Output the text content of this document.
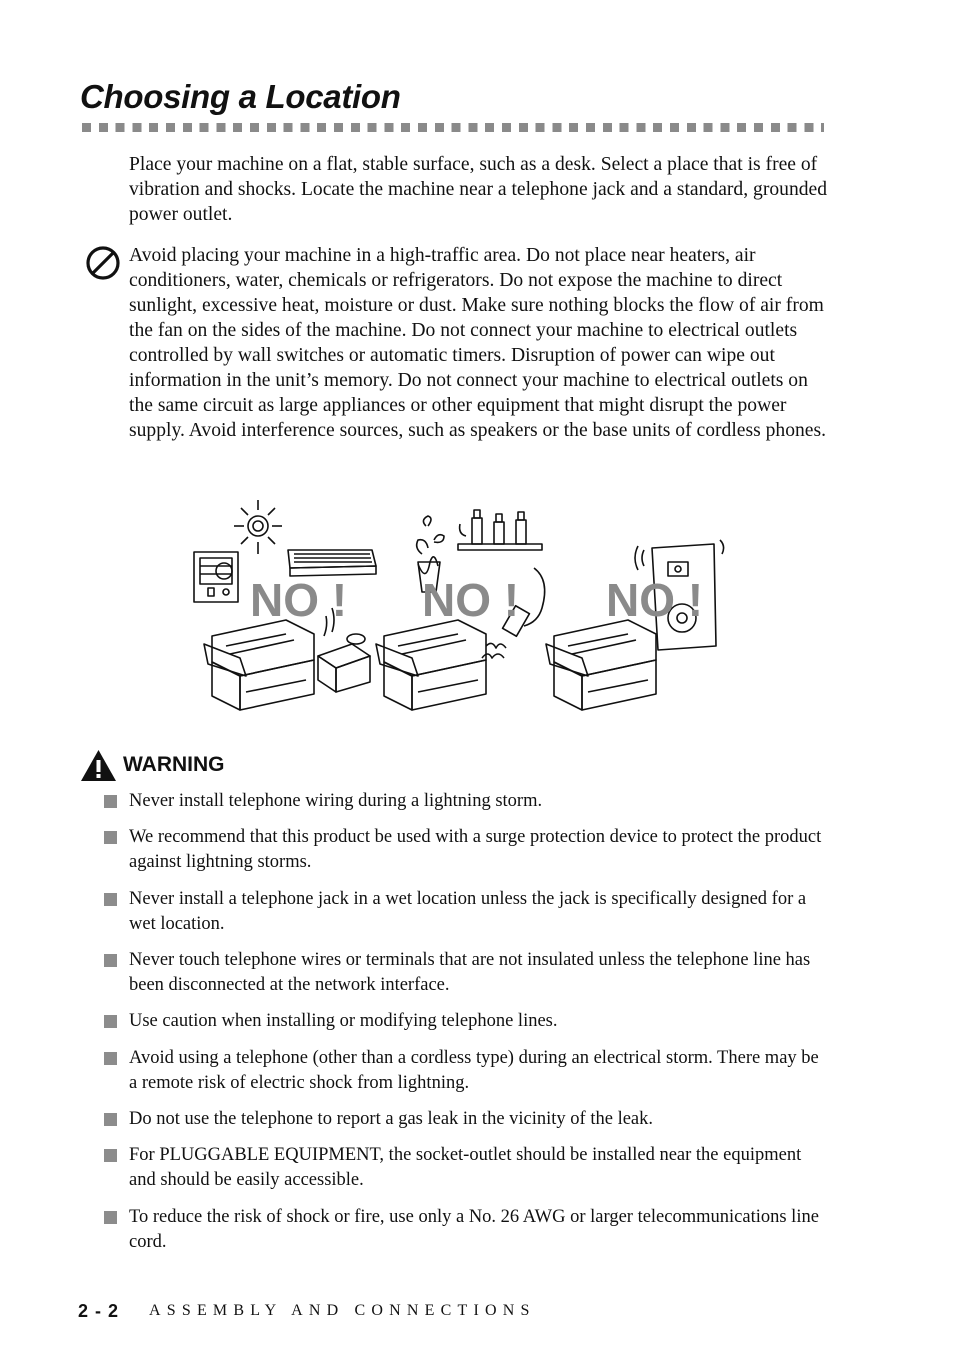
Choosing a Location

Place your machine on a flat, stable surface, such as a desk. Select a place that is free of vibration and shocks. Locate the machine near a telephone jack and a standard, grounded power outlet.

Avoid placing your machine in a high-traffic area. Do not place near heaters, air conditioners, water, chemicals or refrigerators. Do not expose the machine to direct sunlight, excessive heat, moisture or dust. Make sure nothing blocks the flow of air from the fan on the sides of the machine. Do not connect your machine to electrical outlets controlled by wall switches or automatic timers. Disruption of power can wipe out information in the unit’s memory. Do not connect your machine to electrical outlets on the same circuit as large appliances or other equipment that might disrupt the power supply. Avoid interference sources, such as speakers or the base units of cordless phones.

NO ! NO ! NO !
WARNING
Never install telephone wiring during a lightning storm.
We recommend that this product be used with a surge protection device to protect the product against lightning storms.
Never install a telephone jack in a wet location unless the jack is specifically designed for a wet location.
Never touch telephone wires or terminals that are not insulated unless the telephone line has been disconnected at the network interface.
Use caution when installing or modifying telephone lines.
Avoid using a telephone (other than a cordless type) during an electrical storm. There may be a remote risk of electric shock from lightning.
Do not use the telephone to report a gas leak in the vicinity of the leak.
For PLUGGABLE EQUIPMENT, the socket-outlet should be installed near the equipment and should be easily accessible.
To reduce the risk of shock or fire, use only a No. 26 AWG or larger telecommunications line cord.
2 - 2 ASSEMBLY AND CONNECTIONS
